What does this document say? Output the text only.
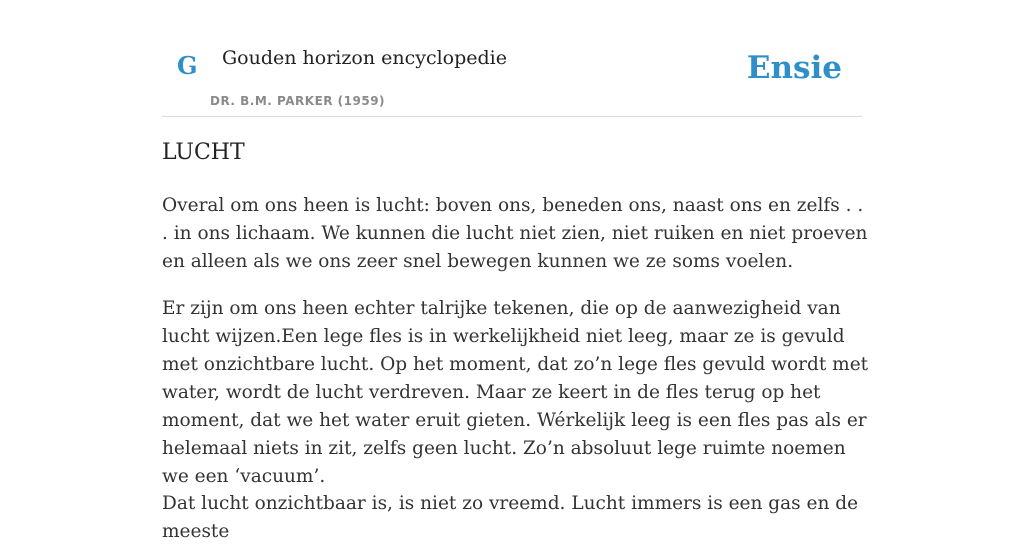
G Gouden horizon encyclopedie
DR. B.M. PARKER (1959)
Ensie
LUCHT

Overal om ons heen is lucht: boven ons, beneden ons, naast ons en zelfs . . . in ons lichaam. We kunnen die lucht niet zien, niet ruiken en niet proeven en alleen als we ons zeer snel bewegen kunnen we ze soms voelen.

Er zijn om ons heen echter talrijke tekenen, die op de aanwezigheid van lucht wijzen.Een lege fles is in werkelijkheid niet leeg, maar ze is gevuld met onzichtbare lucht. Op het moment, dat zo’n lege fles gevuld wordt met water, wordt de lucht verdreven. Maar ze keert in de fles terug op het moment, dat we het water eruit gieten. Wérkelijk leeg is een fles pas als er helemaal niets in zit, zelfs geen lucht. Zo’n absoluut lege ruimte noemen we een ‘vacuum’.

Dat lucht onzichtbaar is, is niet zo vreemd. Lucht immers is een gas en de meeste
